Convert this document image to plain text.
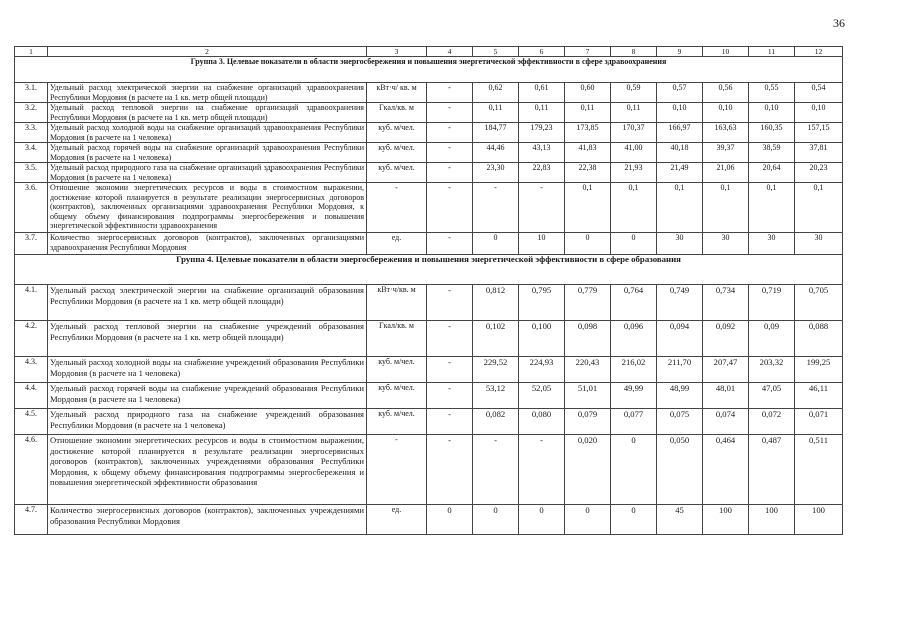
36
1	2	3	4	5	6	7	8	9	10	11	12
Группа 3. Целевые показатели в области энергосбережения и повышения энергетической эффективности в сфере здравоохранения											
3.1.	Удельный расход электрической энергии на снабжение организаций здравоохранения Республики Мордовия (в расчете на 1 кв. метр общей площади)	кВт·ч/ кв. м	-	0,62	0,61	0,60	0,59	0,57	0,56	0,55	0,54
3.2.	Удельный расход тепловой энергии на снабжение организаций здравоохранения Республики Мордовия (в расчете на 1 кв. метр общей площади)	Гкал/кв. м	-	0,11	0,11	0,11	0,11	0,10	0,10	0,10	0,10
3.3.	Удельный расход холодной воды на снабжение организаций здравоохранения Республики Мордовия (в расчете на 1 человека)	куб. м/чел.	-	184,77	179,23	173,85	170,37	166,97	163,63	160,35	157,15
3.4.	Удельный расход горячей воды на снабжение организаций здравоохранения Республики Мордовия (в расчете на 1 человека)	куб. м/чел.	-	44,46	43,13	41,83	41,00	40,18	39,37	38,59	37,81
3.5.	Удельный расход природного газа на снабжение организаций здравоохранения Республики Мордовия (в расчете на 1 человека)	куб. м/чел.	-	23,30	22,83	22,38	21,93	21,49	21,06	20,64	20,23
3.6.	Отношение экономии энергетических ресурсов и воды в стоимостном выражении, достижение которой планируется в результате реализации энергосервисных договоров (контрактов), заключенных организациями здравоохранения Республики Мордовия, к общему объему финансирования подпрограммы энергосбережения и повышения энергетической эффективности здравоохранения	-	-	-	-	0,1	0,1	0,1	0,1	0,1	0,1
3.7.	Количество энергосервисных договоров (контрактов), заключенных организациями здравоохранения Республики Мордовия	ед.	-	0	10	0	0	30	30	30	30
Группа 4. Целевые показатели в области энергосбережения и повышения энергетической эффективности в сфере образования											
4.1.	Удельный расход электрической энергии на снабжение организаций образования Республики Мордовия (в расчете на 1 кв. метр общей площади)	кВт·ч/кв. м	-	0,812	0,795	0,779	0,764	0,749	0,734	0,719	0,705
4.2.	Удельный расход тепловой энергии на снабжение учреждений образования Республики Мордовия (в расчете на 1 кв. метр общей площади)	Гкал/кв. м	-	0,102	0,100	0,098	0,096	0,094	0,092	0,09	0,088
4.3.	Удельный расход холодной воды на снабжение учреждений образования Республики Мордовия (в расчете на 1 человека)	куб. м/чел.	-	229,52	224,93	220,43	216,02	211,70	207,47	203,32	199,25
4.4.	Удельный расход горячей воды на снабжение учреждений образования Республики Мордовия (в расчете на 1 человека)	куб. м/чел.	-	53,12	52,05	51,01	49,99	48,99	48,01	47,05	46,11
4.5.	Удельный расход природного газа на снабжение учреждений образования Республики Мордовия (в расчете на 1 человека)	куб. м/чел.	-	0,082	0,080	0,079	0,077	0,075	0,074	0,072	0,071
4.6.	Отношение экономии энергетических ресурсов и воды в стоимостном выражении, достижение которой планируется в результате реализации энергосервисных договоров (контрактов), заключенных учреждениями образования Республики Мордовия, к общему объему финансирования подпрограммы энергосбережения и повышения энергетической эффективности образования	-	-	-	-	0,020	0	0,050	0,464	0,487	0,511
4.7.	Количество энергосервисных договоров (контрактов), заключенных учреждениями образования Республики Мордовия	ед.	0	0	0	0	0	45	100	100	100
